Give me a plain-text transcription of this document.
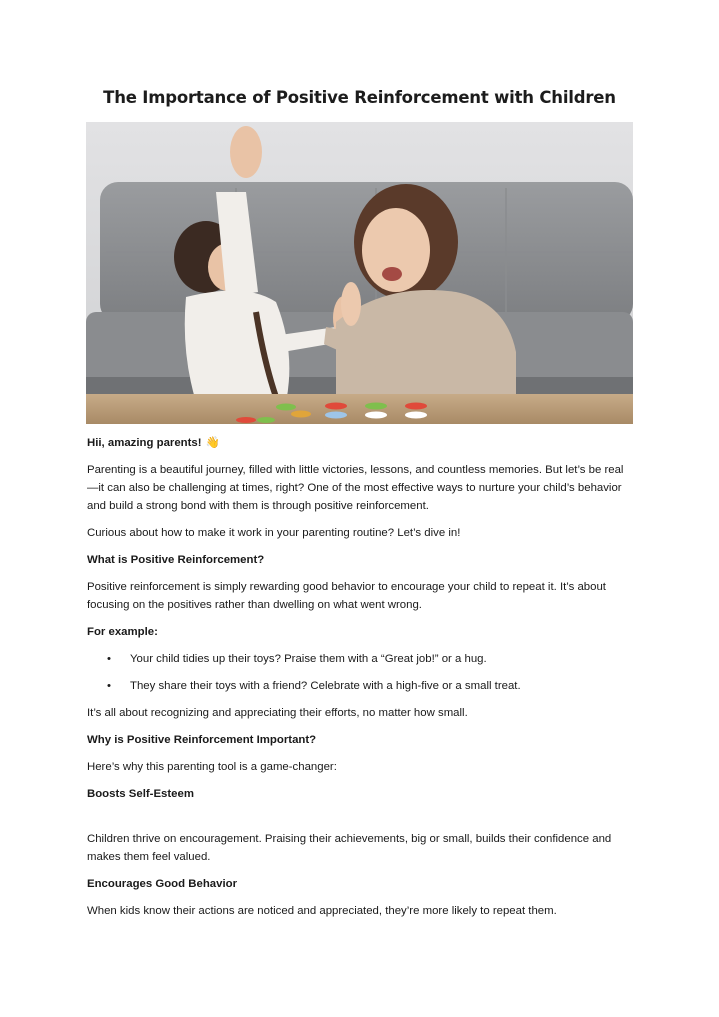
The Importance of Positive Reinforcement with Children

Hii, amazing parents! 👋

Parenting is a beautiful journey, filled with little victories, lessons, and countless memories. But let’s be real—it can also be challenging at times, right? One of the most effective ways to nurture your child’s behavior and build a strong bond with them is through positive reinforcement.

Curious about how to make it work in your parenting routine? Let’s dive in!

What is Positive Reinforcement?

Positive reinforcement is simply rewarding good behavior to encourage your child to repeat it. It’s about focusing on the positives rather than dwelling on what went wrong.

For example:

• Your child tidies up their toys? Praise them with a “Great job!” or a hug.
• They share their toys with a friend? Celebrate with a high-five or a small treat.

It’s all about recognizing and appreciating their efforts, no matter how small.

Why is Positive Reinforcement Important?

Here’s why this parenting tool is a game-changer:

Boosts Self-Esteem

Children thrive on encouragement. Praising their achievements, big or small, builds their confidence and makes them feel valued.

Encourages Good Behavior

When kids know their actions are noticed and appreciated, they’re more likely to repeat them.
